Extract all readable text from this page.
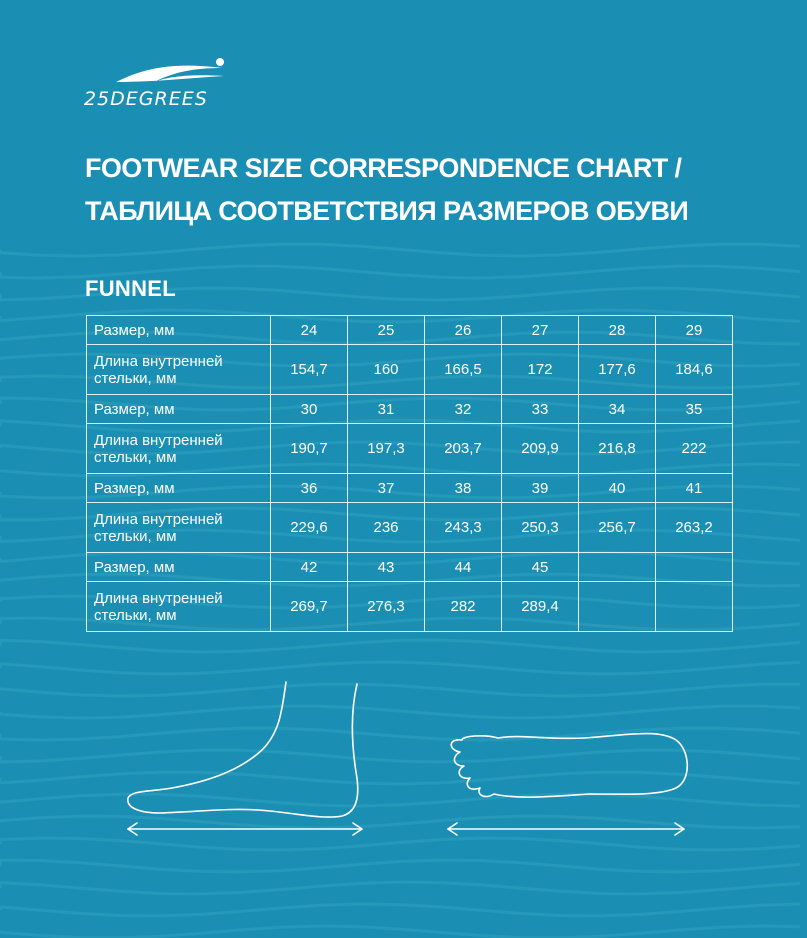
25DEGREES
FOOTWEAR SIZE CORRESPONDENCE CHART /
ТАБЛИЦА СООТВЕТСТВИЯ РАЗМЕРОВ ОБУВИ
FUNNEL
Размер, мм	24	25	26	27	28	29
Длина внутренней стельки, мм	154,7	160	166,5	172	177,6	184,6
Размер, мм	30	31	32	33	34	35
Длина внутренней стельки, мм	190,7	197,3	203,7	209,9	216,8	222
Размер, мм	36	37	38	39	40	41
Длина внутренней стельки, мм	229,6	236	243,3	250,3	256,7	263,2
Размер, мм	42	43	44	45		
Длина внутренней стельки, мм	269,7	276,3	282	289,4		
